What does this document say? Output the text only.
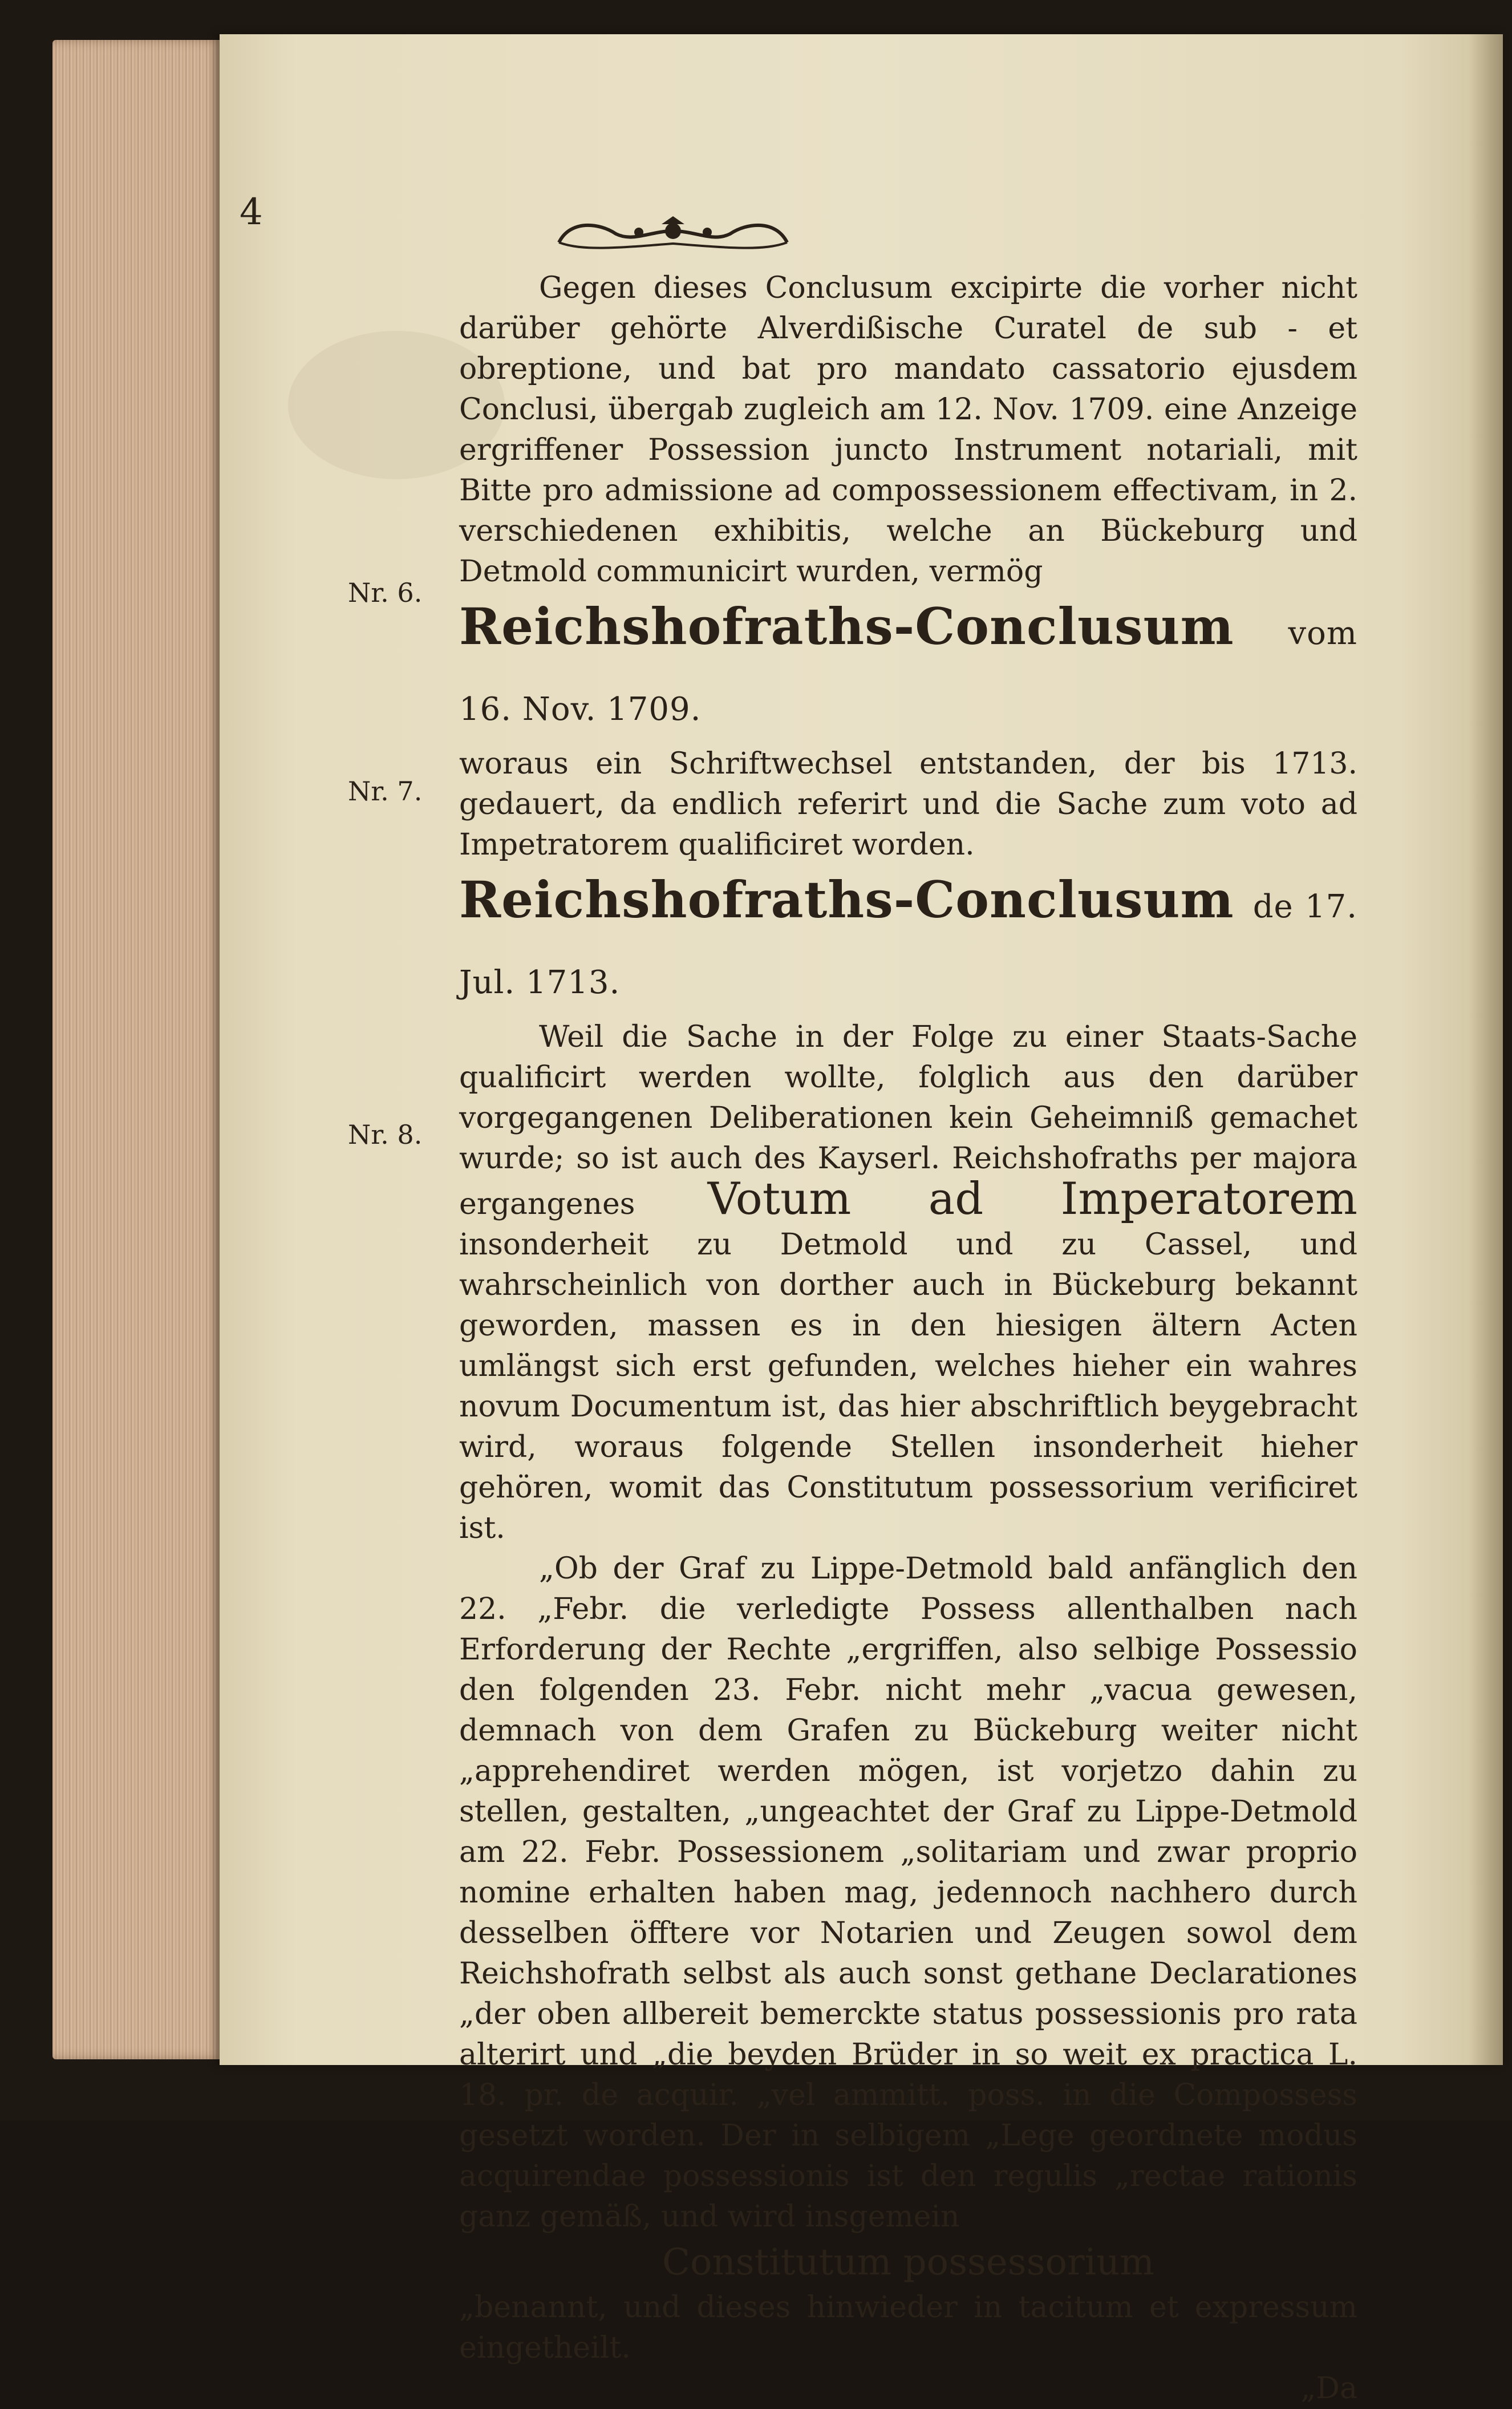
4
Nr. 6.
Nr. 7.
Nr. 8.

Gegen dieses Conclusum excipirte die vorher nicht darüber gehörte Alverdißische Curatel de sub - et obreptione, und bat pro mandato cassatorio ejusdem Conclusi, übergab zugleich am 12. Nov. 1709. eine Anzeige ergriffener Possession juncto Instrument notariali, mit Bitte pro admissione ad compossessionem effectivam, in 2. verschiedenen exhibitis, welche an Bückeburg und Detmold communicirt wurden, vermög

Reichshofraths-Conclusum vom 16. Nov. 1709.

woraus ein Schriftwechsel entstanden, der bis 1713. gedauert, da endlich referirt und die Sache zum voto ad Impetratorem qualificiret worden.

Reichshofraths-Conclusum de 17. Jul. 1713.

Weil die Sache in der Folge zu einer Staats-Sache qualificirt werden wollte, folglich aus den darüber vorgegangenen Deliberationen kein Geheimniß gemachet wurde; so ist auch des Kayserl. Reichshofraths per majora ergangenes Votum ad Imperatorem insonderheit zu Detmold und zu Cassel, und wahrscheinlich von dorther auch in Bückeburg bekannt geworden, massen es in den hiesigen ältern Acten umlängst sich erst gefunden, welches hieher ein wahres novum Documentum ist, das hier abschriftlich beygebracht wird, woraus folgende Stellen insonderheit hieher gehören, womit das Constitutum possessorium verificiret ist.

„Ob der Graf zu Lippe-Detmold bald anfänglich den 22. „Febr. die verledigte Possess allenthalben nach Erforderung der Rechte „ergriffen, also selbige Possessio den folgenden 23. Febr. nicht mehr „vacua gewesen, demnach von dem Grafen zu Bückeburg weiter nicht „apprehendiret werden mögen, ist vorjetzo dahin zu stellen, gestalten, „ungeachtet der Graf zu Lippe-Detmold am 22. Febr. Possessionem „solitariam und zwar proprio nomine erhalten haben mag, jedennoch nachhero durch desselben öfftere vor Notarien und Zeugen sowol dem Reichshofrath selbst als auch sonst gethane Declarationes „der oben allbereit bemerckte status possessionis pro rata alterirt und „die beyden Brüder in so weit ex practica L. 18. pr. de acquir. „vel ammitt. poss. in die Compossess gesetzt worden. Der in selbigem „Lege geordnete modus acquirendae possessionis ist den regulis „rectae rationis ganz gemäß, und wird insgemein

Constitutum possessorium

„benannt, und dieses hinwieder in tacitum et expressum eingetheilt.

„Da
